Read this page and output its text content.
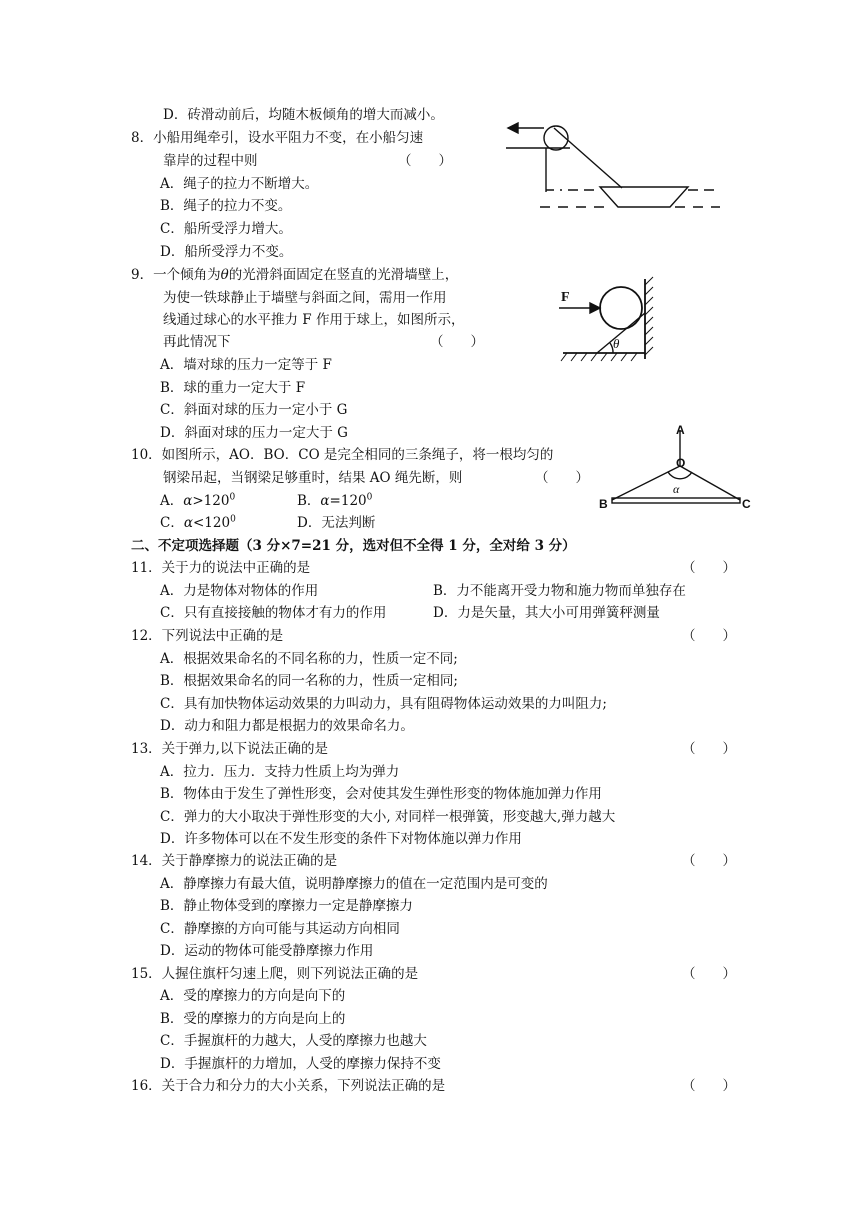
D．砖滑动前后，均随木板倾角的增大而减小。
8．小船用绳牵引，设水平阻力不变，在小船匀速
靠岸的过程中则	（　　）
A．绳子的拉力不断增大。
B．绳子的拉力不变。
C．船所受浮力增大。
D．船所受浮力不变。
9．一个倾角为θ的光滑斜面固定在竖直的光滑墙壁上，
为使一铁球静止于墙壁与斜面之间，需用一作用
线通过球心的水平推力 F 作用于球上，如图所示，
再此情况下	（　　）
A．墙对球的压力一定等于 F
B．球的重力一定大于 F
C．斜面对球的压力一定小于 G
D．斜面对球的压力一定大于 G
F
θ
10．如图所示，AO．BO．CO 是完全相同的三条绳子，将一根均匀的
钢梁吊起，当钢梁足够重时，结果 AO 绳先断，则	（　　）
A．$\alpha>120^0$	B．$\alpha=120^0$
C．$\alpha<120^0$	D．无法判断
A
O
B	C
α
二、不定项选择题（3 分×7=21 分，选对但不全得 1 分，全对给 3 分）
11．关于力的说法中正确的是	（　　）
A．力是物体对物体的作用	B．力不能离开受力物和施力物而单独存在
C．只有直接接触的物体才有力的作用	D．力是矢量，其大小可用弹簧秤测量
12．下列说法中正确的是	（　　）
A．根据效果命名的不同名称的力，性质一定不同;
B．根据效果命名的同一名称的力，性质一定相同;
C．具有加快物体运动效果的力叫动力，具有阻碍物体运动效果的力叫阻力;
D．动力和阻力都是根据力的效果命名力。
13．关于弹力,以下说法正确的是	（　　）
A．拉力．压力．支持力性质上均为弹力
B．物体由于发生了弹性形变，会对使其发生弹性形变的物体施加弹力作用
C．弹力的大小取决于弹性形变的大小, 对同样一根弹簧，形变越大,弹力越大
D．许多物体可以在不发生形变的条件下对物体施以弹力作用
14．关于静摩擦力的说法正确的是	（　　）
A．静摩擦力有最大值，说明静摩擦力的值在一定范围内是可变的
B．静止物体受到的摩擦力一定是静摩擦力
C．静摩擦的方向可能与其运动方向相同
D．运动的物体可能受静摩擦力作用
15．人握住旗杆匀速上爬，则下列说法正确的是	（　　）
A．受的摩擦力的方向是向下的
B．受的摩擦力的方向是向上的
C．手握旗杆的力越大，人受的摩擦力也越大
D．手握旗杆的力增加，人受的摩擦力保持不变
16．关于合力和分力的大小关系，下列说法正确的是	（　　）
